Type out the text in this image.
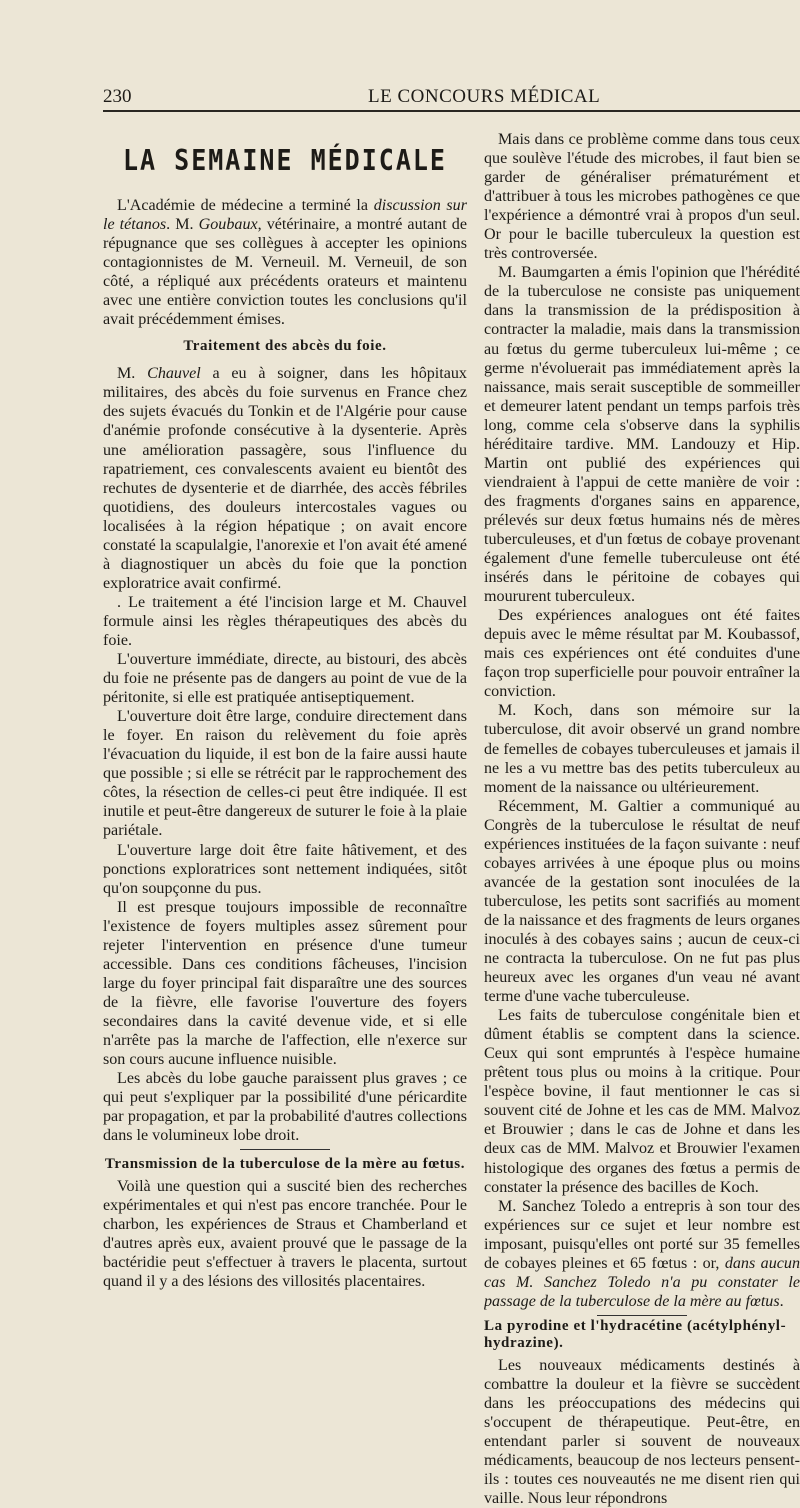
230	LE CONCOURS MÉDICAL
LA SEMAINE MÉDICALE

L'Académie de médecine a terminé la discussion sur le tétanos. M. Goubaux, vétérinaire, a montré autant de répugnance que ses collègues à accepter les opinions contagionnistes de M. Verneuil. M. Verneuil, de son côté, a répliqué aux précédents orateurs et maintenu avec une entière conviction toutes les conclusions qu'il avait précédemment émises.

Traitement des abcès du foie.

M. Chauvel a eu à soigner, dans les hôpitaux militaires, des abcès du foie survenus en France chez des sujets évacués du Tonkin et de l'Algérie pour cause d'anémie profonde consécutive à la dysenterie. Après une amélioration passagère, sous l'influence du rapatriement, ces convalescents avaient eu bientôt des rechutes de dysenterie et de diarrhée, des accès fébriles quotidiens, des douleurs intercostales vagues ou localisées à la région hépatique ; on avait encore constaté la scapulalgie, l'anorexie et l'on avait été amené à diagnostiquer un abcès du foie que la ponction exploratrice avait confirmé.

. Le traitement a été l'incision large et M. Chauvel formule ainsi les règles thérapeutiques des abcès du foie.

L'ouverture immédiate, directe, au bistouri, des abcès du foie ne présente pas de dangers au point de vue de la péritonite, si elle est pratiquée antiseptiquement.

L'ouverture doit être large, conduire directement dans le foyer. En raison du relèvement du foie après l'évacuation du liquide, il est bon de la faire aussi haute que possible ; si elle se rétrécit par le rapprochement des côtes, la résection de celles-ci peut être indiquée. Il est inutile et peut-être dangereux de suturer le foie à la plaie pariétale.

L'ouverture large doit être faite hâtivement, et des ponctions exploratrices sont nettement indiquées, sitôt qu'on soupçonne du pus.

Il est presque toujours impossible de reconnaître l'existence de foyers multiples assez sûrement pour rejeter l'intervention en présence d'une tumeur accessible. Dans ces conditions fâcheuses, l'incision large du foyer principal fait disparaître une des sources de la fièvre, elle favorise l'ouverture des foyers secondaires dans la cavité devenue vide, et si elle n'arrête pas la marche de l'affection, elle n'exerce sur son cours aucune influence nuisible.

Les abcès du lobe gauche paraissent plus graves ; ce qui peut s'expliquer par la possibilité d'une péricardite par propagation, et par la probabilité d'autres collections dans le volumineux lobe droit.

Transmission de la tuberculose de la mère au fœtus.

Voilà une question qui a suscité bien des recherches expérimentales et qui n'est pas encore tranchée. Pour le charbon, les expériences de Straus et Chamberland et d'autres après eux, avaient prouvé que le passage de la bactéridie peut s'effectuer à travers le placenta, surtout quand il y a des lésions des villosités placentaires.

Mais dans ce problème comme dans tous ceux que soulève l'étude des microbes, il faut bien se garder de généraliser prématurément et d'attribuer à tous les microbes pathogènes ce que l'expérience a démontré vrai à propos d'un seul. Or pour le bacille tuberculeux la question est très controversée.

M. Baumgarten a émis l'opinion que l'hérédité de la tuberculose ne consiste pas uniquement dans la transmission de la prédisposition à contracter la maladie, mais dans la transmission au fœtus du germe tuberculeux lui-même ; ce germe n'évoluerait pas immédiatement après la naissance, mais serait susceptible de sommeiller et demeurer latent pendant un temps parfois très long, comme cela s'observe dans la syphilis héréditaire tardive. MM. Landouzy et Hip. Martin ont publié des expériences qui viendraient à l'appui de cette manière de voir : des fragments d'organes sains en apparence, prélevés sur deux fœtus humains nés de mères tuberculeuses, et d'un fœtus de cobaye provenant également d'une femelle tuberculeuse ont été insérés dans le péritoine de cobayes qui moururent tuberculeux.

Des expériences analogues ont été faites depuis avec le même résultat par M. Koubassof, mais ces expériences ont été conduites d'une façon trop superficielle pour pouvoir entraîner la conviction.

M. Koch, dans son mémoire sur la tuberculose, dit avoir observé un grand nombre de femelles de cobayes tuberculeuses et jamais il ne les a vu mettre bas des petits tuberculeux au moment de la naissance ou ultérieurement.

Récemment, M. Galtier a communiqué au Congrès de la tuberculose le résultat de neuf expériences instituées de la façon suivante : neuf cobayes arrivées à une époque plus ou moins avancée de la gestation sont inoculées de la tuberculose, les petits sont sacrifiés au moment de la naissance et des fragments de leurs organes inoculés à des cobayes sains ; aucun de ceux-ci ne contracta la tuberculose. On ne fut pas plus heureux avec les organes d'un veau né avant terme d'une vache tuberculeuse.

Les faits de tuberculose congénitale bien et dûment établis se comptent dans la science. Ceux qui sont empruntés à l'espèce humaine prêtent tous plus ou moins à la critique. Pour l'espèce bovine, il faut mentionner le cas si souvent cité de Johne et les cas de MM. Malvoz et Brouwier ; dans le cas de Johne et dans les deux cas de MM. Malvoz et Brouwier l'examen histologique des organes des fœtus a permis de constater la présence des bacilles de Koch.

M. Sanchez Toledo a entrepris à son tour des expériences sur ce sujet et leur nombre est imposant, puisqu'elles ont porté sur 35 femelles de cobayes pleines et 65 fœtus : or, dans aucun cas M. Sanchez Toledo n'a pu constater le passage de la tuberculose de la mère au fœtus.

La pyrodine et l'hydracétine (acétylphényl-hydrazine).

Les nouveaux médicaments destinés à combattre la douleur et la fièvre se succèdent dans les préoccupations des médecins qui s'occupent de thérapeutique. Peut-être, en entendant parler si souvent de nouveaux médicaments, beaucoup de nos lecteurs pensent-ils : toutes ces nouveautés ne me disent rien qui vaille. Nous leur répondrons
